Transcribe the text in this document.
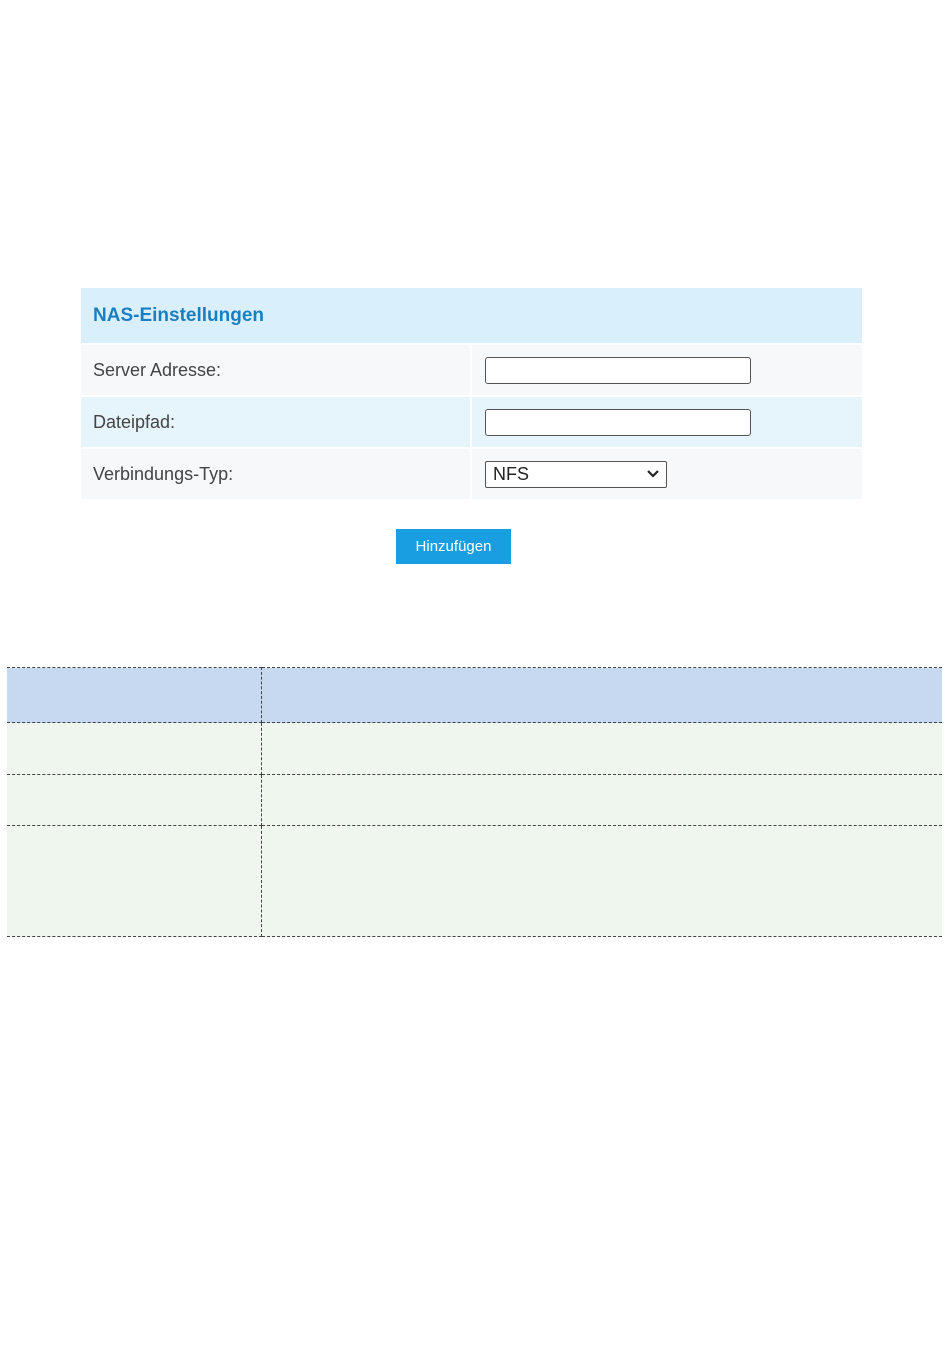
NAS-Einstellungen
Server Adresse:
Dateipfad:
Verbindungs-Typ:	NFS
Hinzufügen
